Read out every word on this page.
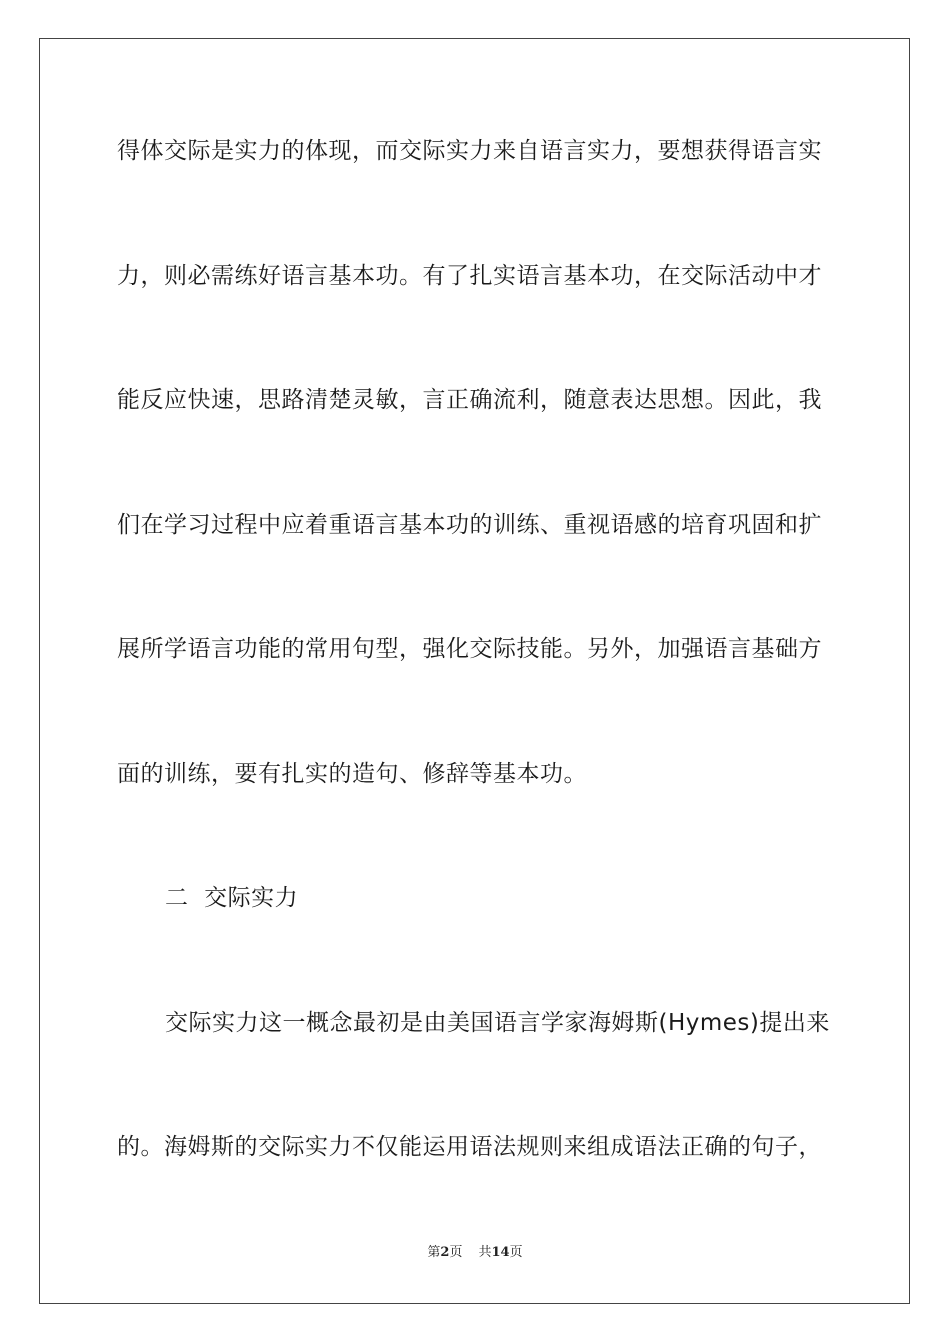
得体交际是实力的体现，而交际实力来自语言实力，要想获得语言实
力，则必需练好语言基本功。有了扎实语言基本功，在交际活动中才
能反应快速，思路清楚灵敏，言正确流利，随意表达思想。因此，我
们在学习过程中应着重语言基本功的训练、重视语感的培育巩固和扩
展所学语言功能的常用句型，强化交际技能。另外，加强语言基础方
面的训练，要有扎实的造句、修辞等基本功。
二  交际实力
交际实力这一概念最初是由美国语言学家海姆斯(Hymes)提出来
的。海姆斯的交际实力不仅能运用语法规则来组成语法正确的句子，
第2页 共14页
